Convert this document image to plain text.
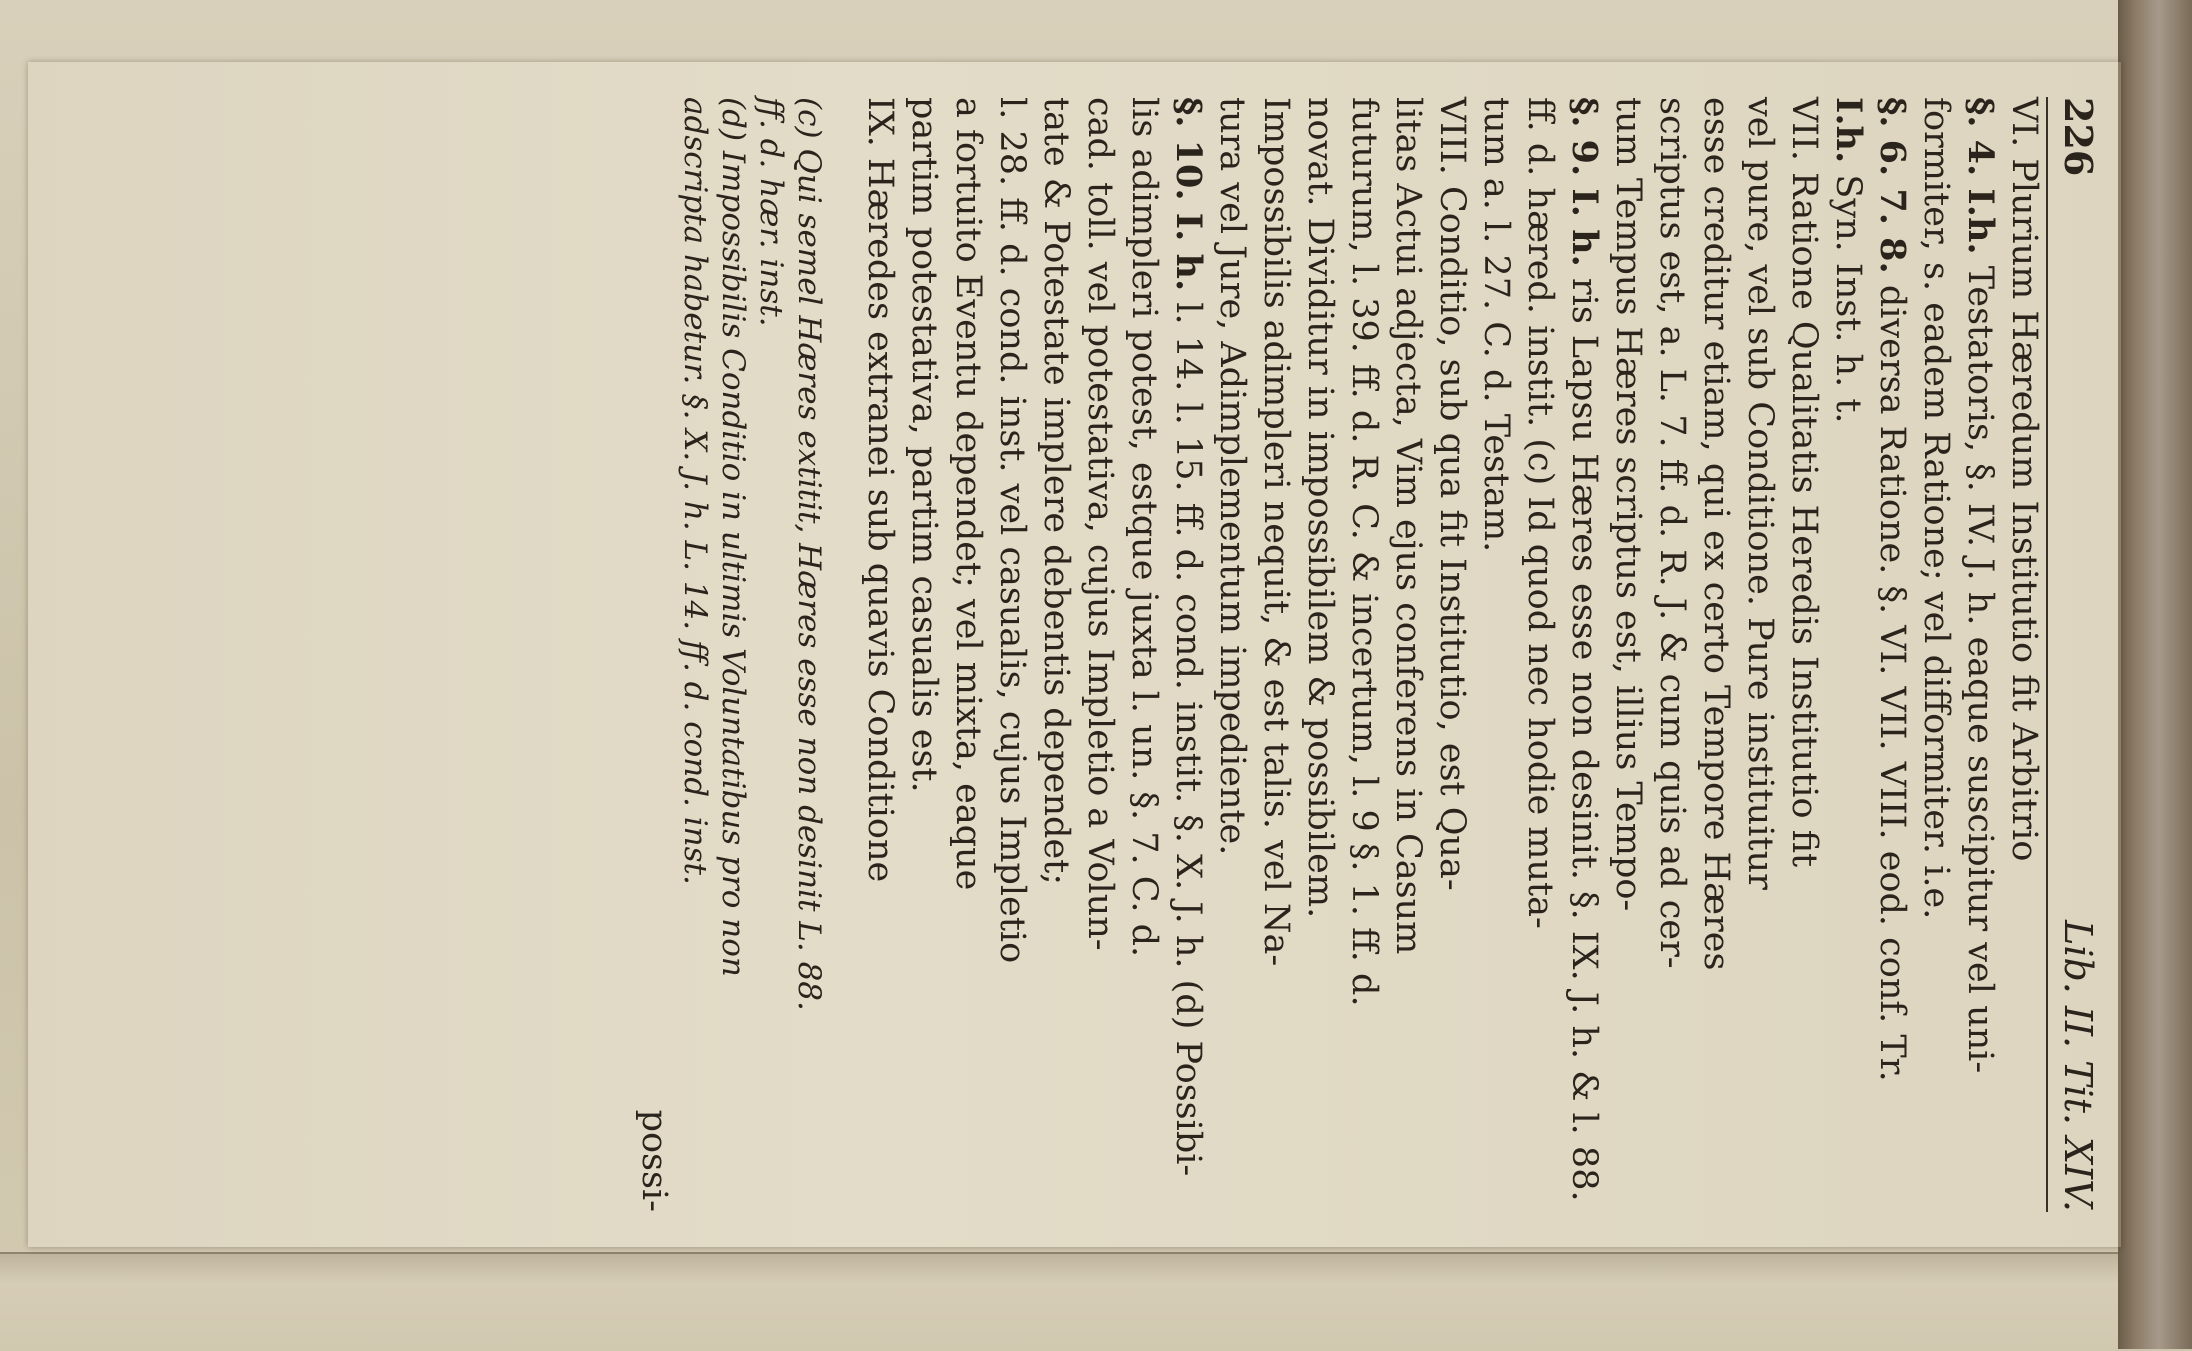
226
Lib. II. Tit. XIV.
VI. Plurium Hæredum Institutio fit Arbitrio
§. 4. I.h. Testatoris, §. IV. J. h. eaque suscipitur vel uni-
formiter, s. eadem Ratione; vel difformiter. i.e.
§. 6. 7. 8. diversa Ratione. §. VI. VII. VIII. eod. conf. Tr.
I.h. Syn. Inst. h. t.
VII. Ratione Qualitatis Heredis Institutio fit
vel pure, vel sub Conditione. Pure instituitur
esse creditur etiam, qui ex certo Tempore Hæres
scriptus est, a. L. 7. ff. d. R. J. & cum quis ad cer-
tum Tempus Hæres scriptus est, illius Tempo-
§. 9. I. h. ris Lapsu Hæres esse non desinit. §. IX. J. h. & l. 88.
ff. d. hæred. instit. (c) Id quod nec hodie muta-
tum a. l. 27. C. d. Testam.
VIII. Conditio, sub qua fit Institutio, est Qua-
litas Actui adjecta, Vim ejus conferens in Casum
futurum, l. 39. ff. d. R. C. & incertum, l. 9 §. 1. ff. d.
novat. Dividitur in impossibilem & possibilem.
Impossibilis adimpleri nequit, & est talis. vel Na-
tura vel Jure, Adimplementum impediente.
§. 10. I. h. l. 14. l. 15. ff. d. cond. instit. §. X. J. h. (d) Possibi-
lis adimpleri potest, estque juxta l. un. §. 7. C. d.
cad. toll. vel potestativa, cujus Impletio a Volun-
tate & Potestate implere debentis dependet;
l. 28. ff. d. cond. inst. vel casualis, cujus Impletio
a fortuito Eventu dependet; vel mixta, eaque
partim potestativa, partim casualis est.
IX. Hæredes extranei sub quavis Conditione
(c) Qui semel Hæres extitit, Hæres esse non desinit L. 88.
ff. d. hær. inst.
(d) Impossibilis Conditio in ultimis Voluntatibus pro non
adscripta habetur. §. X. J. h. L. 14. ff. d. cond. inst.
possi-
